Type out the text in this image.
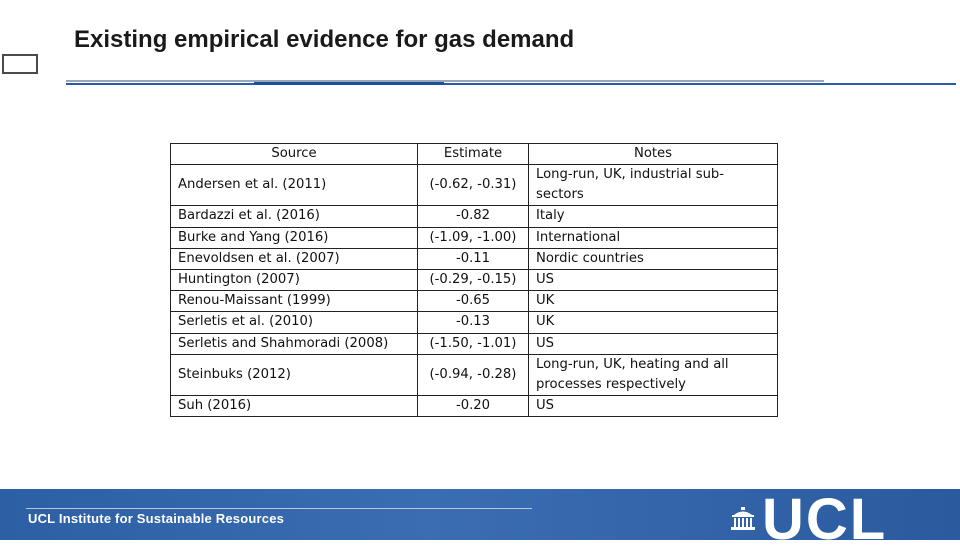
Existing empirical evidence for gas demand
Source	Estimate	Notes
Andersen et al. (2011)	(-0.62, -0.31)	Long-run, UK, industrial sub-sectors
Bardazzi et al. (2016)	-0.82	Italy
Burke and Yang (2016)	(-1.09, -1.00)	International
Enevoldsen et al. (2007)	-0.11	Nordic countries
Huntington (2007)	(-0.29, -0.15)	US
Renou-Maissant (1999)	-0.65	UK
Serletis et al. (2010)	-0.13	UK
Serletis and Shahmoradi (2008)	(-1.50, -1.01)	US
Steinbuks (2012)	(-0.94, -0.28)	Long-run, UK, heating and all processes respectively
Suh (2016)	-0.20	US
UCL Institute for Sustainable Resources	UCL
